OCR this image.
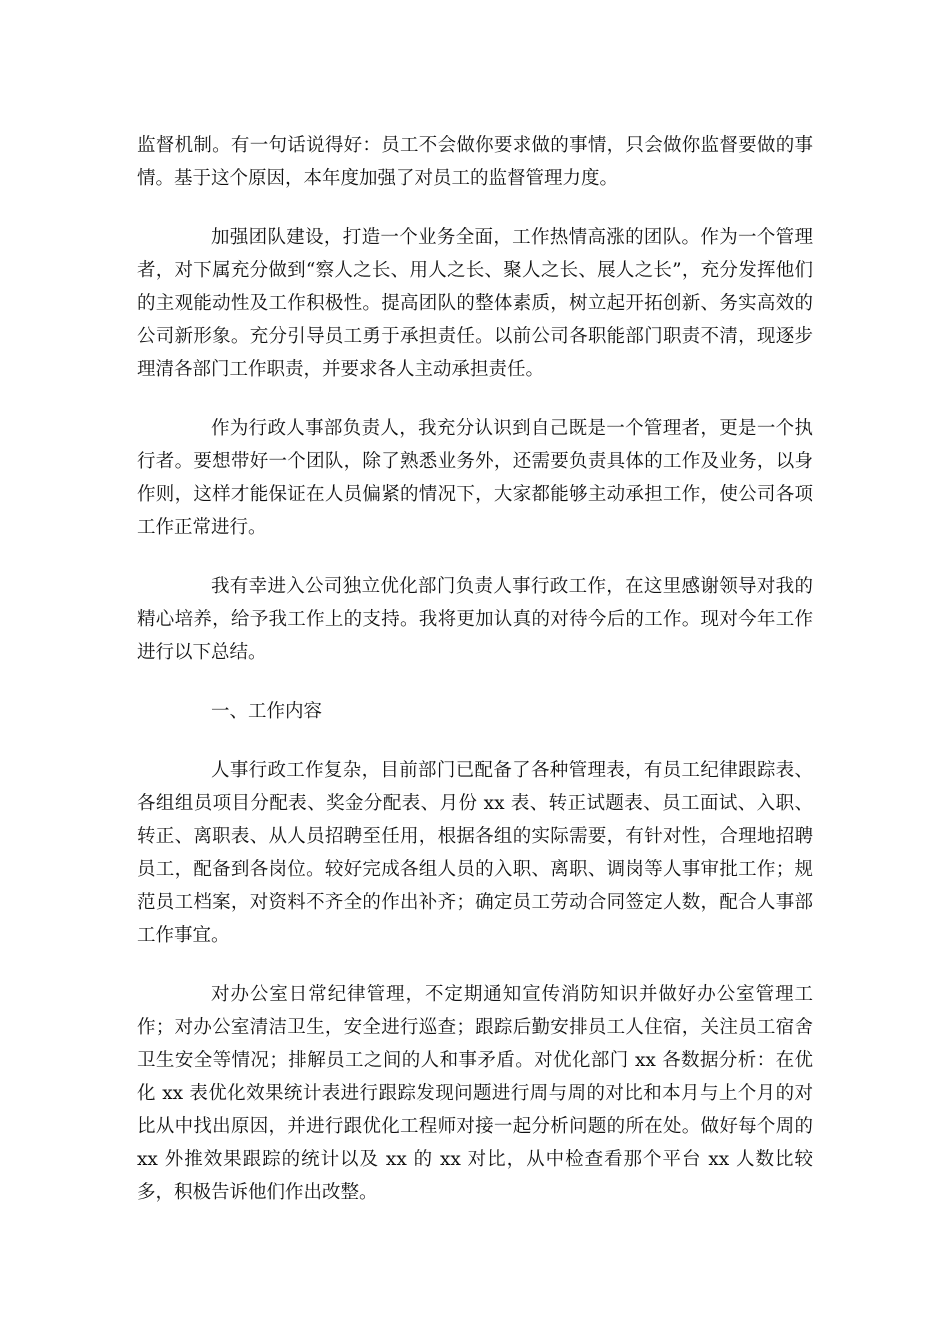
监督机制。有一句话说得好：员工不会做你要求做的事情，只会做你监督要做的事情。基于这个原因，本年度加强了对员工的监督管理力度。

加强团队建设，打造一个业务全面，工作热情高涨的团队。作为一个管理者，对下属充分做到“察人之长、用人之长、聚人之长、展人之长”，充分发挥他们的主观能动性及工作积极性。提高团队的整体素质，树立起开拓创新、务实高效的公司新形象。充分引导员工勇于承担责任。以前公司各职能部门职责不清，现逐步理清各部门工作职责，并要求各人主动承担责任。

作为行政人事部负责人，我充分认识到自己既是一个管理者，更是一个执行者。要想带好一个团队，除了熟悉业务外，还需要负责具体的工作及业务，以身作则，这样才能保证在人员偏紧的情况下，大家都能够主动承担工作，使公司各项工作正常进行。

我有幸进入公司独立优化部门负责人事行政工作，在这里感谢领导对我的精心培养，给予我工作上的支持。我将更加认真的对待今后的工作。现对今年工作进行以下总结。

一、工作内容

人事行政工作复杂，目前部门已配备了各种管理表，有员工纪律跟踪表、各组组员项目分配表、奖金分配表、月份 xx 表、转正试题表、员工面试、入职、转正、离职表、从人员招聘至任用，根据各组的实际需要，有针对性，合理地招聘员工，配备到各岗位。较好完成各组人员的入职、离职、调岗等人事审批工作；规范员工档案，对资料不齐全的作出补齐；确定员工劳动合同签定人数，配合人事部工作事宜。

对办公室日常纪律管理，不定期通知宣传消防知识并做好办公室管理工作；对办公室清洁卫生，安全进行巡查；跟踪后勤安排员工人住宿，关注员工宿舍卫生安全等情况；排解员工之间的人和事矛盾。对优化部门 xx 各数据分析：在优化 xx 表优化效果统计表进行跟踪发现问题进行周与周的对比和本月与上个月的对比从中找出原因，并进行跟优化工程师对接一起分析问题的所在处。做好每个周的 xx 外推效果跟踪的统计以及 xx 的 xx 对比，从中检查看那个平台 xx 人数比较多，积极告诉他们作出改整。
